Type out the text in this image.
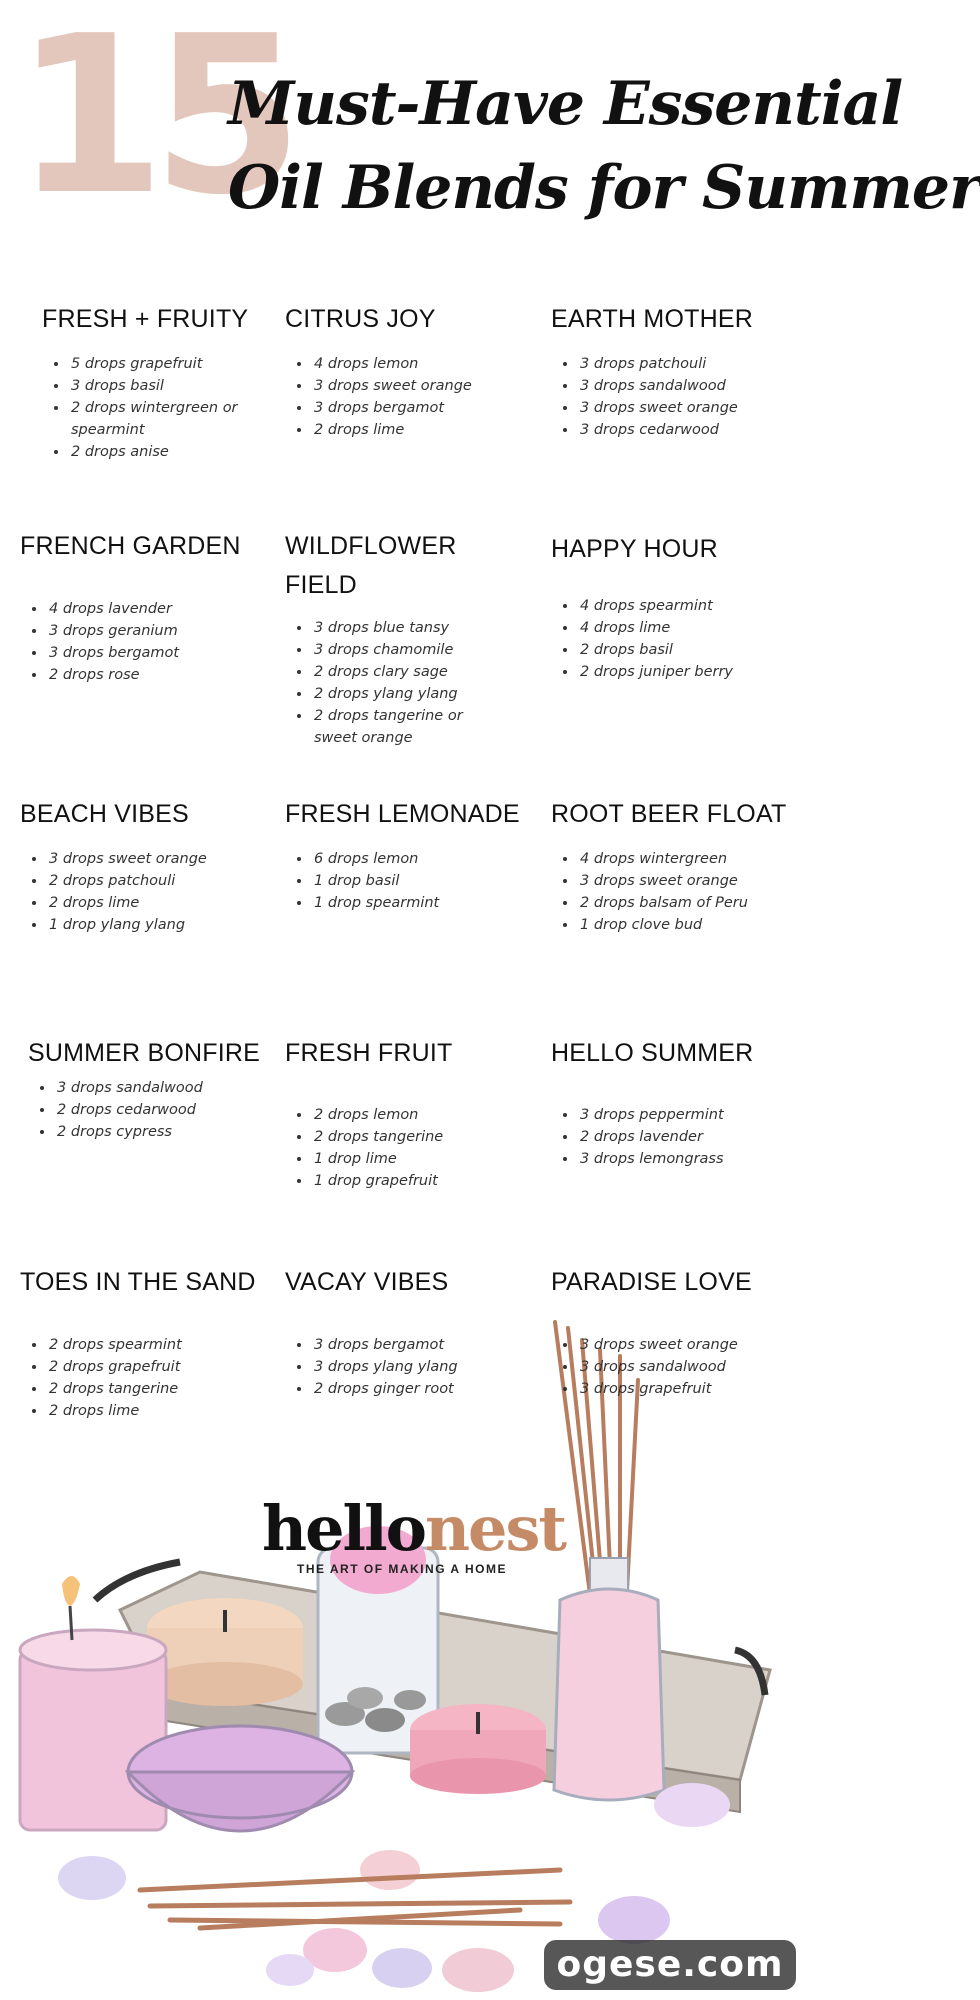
15
Must-Have Essential
Oil Blends for Summer
FRESH + FRUITY
• 5 drops grapefruit
• 3 drops basil
• 2 drops wintergreen or spearmint
• 2 drops anise
CITRUS JOY
• 4 drops lemon
• 3 drops sweet orange
• 3 drops bergamot
• 2 drops lime
EARTH MOTHER
• 3 drops patchouli
• 3 drops sandalwood
• 3 drops sweet orange
• 3 drops cedarwood
FRENCH GARDEN
• 4 drops lavender
• 3 drops geranium
• 3 drops bergamot
• 2 drops rose
WILDFLOWER FIELD
• 3 drops blue tansy
• 3 drops chamomile
• 2 drops clary sage
• 2 drops ylang ylang
• 2 drops tangerine or sweet orange
HAPPY HOUR
• 4 drops spearmint
• 4 drops lime
• 2 drops basil
• 2 drops juniper berry
BEACH VIBES
• 3 drops sweet orange
• 2 drops patchouli
• 2 drops lime
• 1 drop ylang ylang
FRESH LEMONADE
• 6 drops lemon
• 1 drop basil
• 1 drop spearmint
ROOT BEER FLOAT
• 4 drops wintergreen
• 3 drops sweet orange
• 2 drops balsam of Peru
• 1 drop clove bud
SUMMER BONFIRE
• 3 drops sandalwood
• 2 drops cedarwood
• 2 drops cypress
FRESH FRUIT
• 2 drops lemon
• 2 drops tangerine
• 1 drop lime
• 1 drop grapefruit
HELLO SUMMER
• 3 drops peppermint
• 2 drops lavender
• 3 drops lemongrass
TOES IN THE SAND
• 2 drops spearmint
• 2 drops grapefruit
• 2 drops tangerine
• 2 drops lime
VACAY VIBES
• 3 drops bergamot
• 3 drops ylang ylang
• 2 drops ginger root
PARADISE LOVE
• 3 drops sweet orange
• 3 drops sandalwood
• 3 drops grapefruit
hellonest
THE ART OF MAKING A HOME
ogese.com
